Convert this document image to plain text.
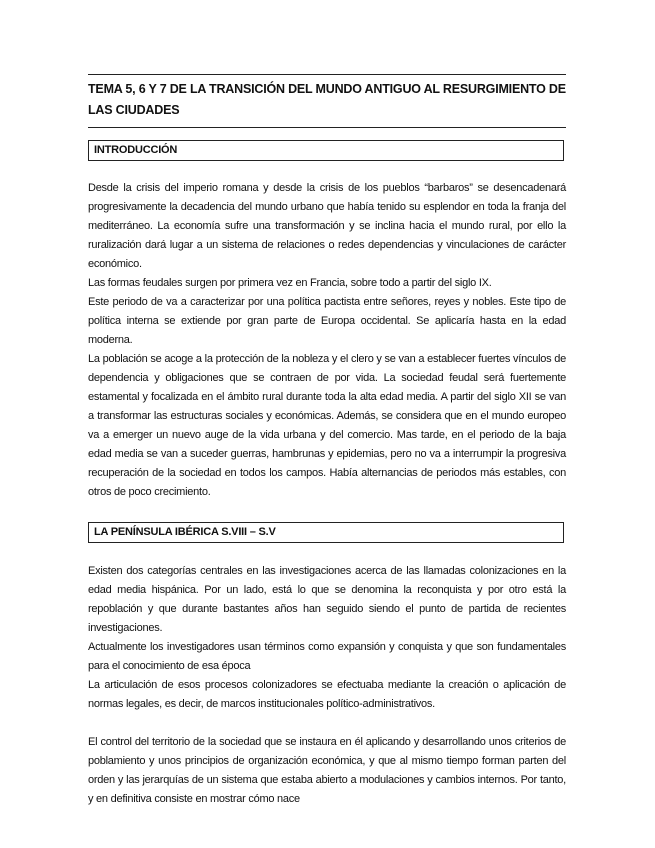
TEMA 5, 6 Y 7 DE LA TRANSICIÓN DEL MUNDO ANTIGUO AL RESURGIMIENTO DE LAS CIUDADES
INTRODUCCIÓN

Desde la crisis del imperio romana y desde la crisis de los pueblos “barbaros” se desencadenará progresivamente la decadencia del mundo urbano que había tenido su esplendor en toda la franja del mediterráneo. La economía sufre una transformación y se inclina hacia el mundo rural, por ello la ruralización dará lugar a un sistema de relaciones o redes dependencias y vinculaciones de carácter económico.

Las formas feudales surgen por primera vez en Francia, sobre todo a partir del siglo IX.

Este periodo de va a caracterizar por una política pactista entre señores, reyes y nobles. Este tipo de política interna se extiende por gran parte de Europa occidental. Se aplicaría hasta en la edad moderna.

La población se acoge a la protección de la nobleza y el clero y se van a establecer fuertes vínculos de dependencia y obligaciones que se contraen de por vida. La sociedad feudal será fuertemente estamental y focalizada en el ámbito rural durante toda la alta edad media. A partir del siglo XII se van a transformar las estructuras sociales y económicas. Además, se considera que en el mundo europeo va a emerger un nuevo auge de la vida urbana y del comercio. Mas tarde, en el periodo de la baja edad media se van a suceder guerras, hambrunas y epidemias, pero no va a interrumpir la progresiva recuperación de la sociedad en todos los campos. Había alternancias de periodos más estables, con otros de poco crecimiento.

LA PENÍNSULA IBÉRICA S.VIII – S.V

Existen dos categorías centrales en las investigaciones acerca de las llamadas colonizaciones en la edad media hispánica. Por un lado, está lo que se denomina la reconquista y por otro está la repoblación y que durante bastantes años han seguido siendo el punto de partida de recientes investigaciones.

Actualmente los investigadores usan términos como expansión y conquista y que son fundamentales para el conocimiento de esa época

La articulación de esos procesos colonizadores se efectuaba mediante la creación o aplicación de normas legales, es decir, de marcos institucionales político-administrativos.

El control del territorio de la sociedad que se instaura en él aplicando y desarrollando unos criterios de poblamiento y unos principios de organización económica, y que al mismo tiempo forman parten del orden y las jerarquías de un sistema que estaba abierto a modulaciones y cambios internos. Por tanto, y en definitiva consiste en mostrar cómo nace
